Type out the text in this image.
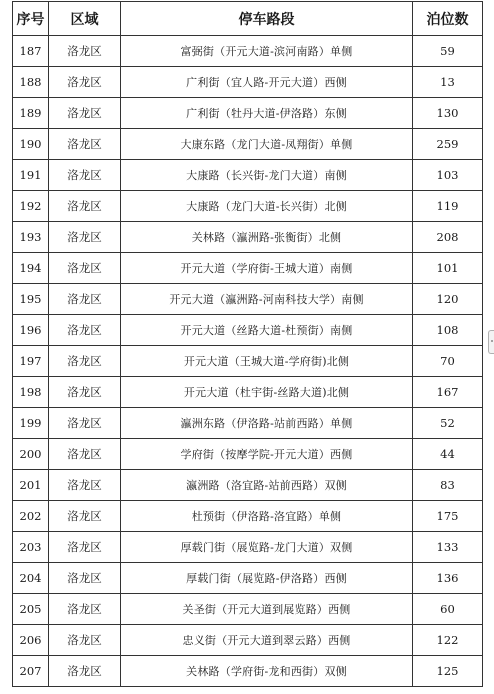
序号	区域	停车路段	泊位数
187	洛龙区	富弼街（开元大道-滨河南路）单侧	59
188	洛龙区	广利街（宜人路-开元大道）西侧	13
189	洛龙区	广利街（牡丹大道-伊洛路）东侧	130
190	洛龙区	大康东路（龙门大道-凤翔街）单侧	259
191	洛龙区	大康路（长兴街-龙门大道）南侧	103
192	洛龙区	大康路（龙门大道-长兴街）北侧	119
193	洛龙区	关林路（瀛洲路-张衡街）北侧	208
194	洛龙区	开元大道（学府街-王城大道）南侧	101
195	洛龙区	开元大道（瀛洲路-河南科技大学）南侧	120
196	洛龙区	开元大道（丝路大道-杜预街）南侧	108
197	洛龙区	开元大道（王城大道-学府街)北侧	70
198	洛龙区	开元大道（杜宇街-丝路大道)北侧	167
199	洛龙区	瀛洲东路（伊洛路-站前西路）单侧	52
200	洛龙区	学府街（按摩学院-开元大道）西侧	44
201	洛龙区	瀛洲路（洛宜路-站前西路）双侧	83
202	洛龙区	杜预街（伊洛路-洛宜路）单侧	175
203	洛龙区	厚载门街（展览路-龙门大道）双侧	133
204	洛龙区	厚载门街（展览路-伊洛路）西侧	136
205	洛龙区	关圣街（开元大道到展览路）西侧	60
206	洛龙区	忠义街（开元大道到翠云路）西侧	122
207	洛龙区	关林路（学府街-龙和西街）双侧	125
